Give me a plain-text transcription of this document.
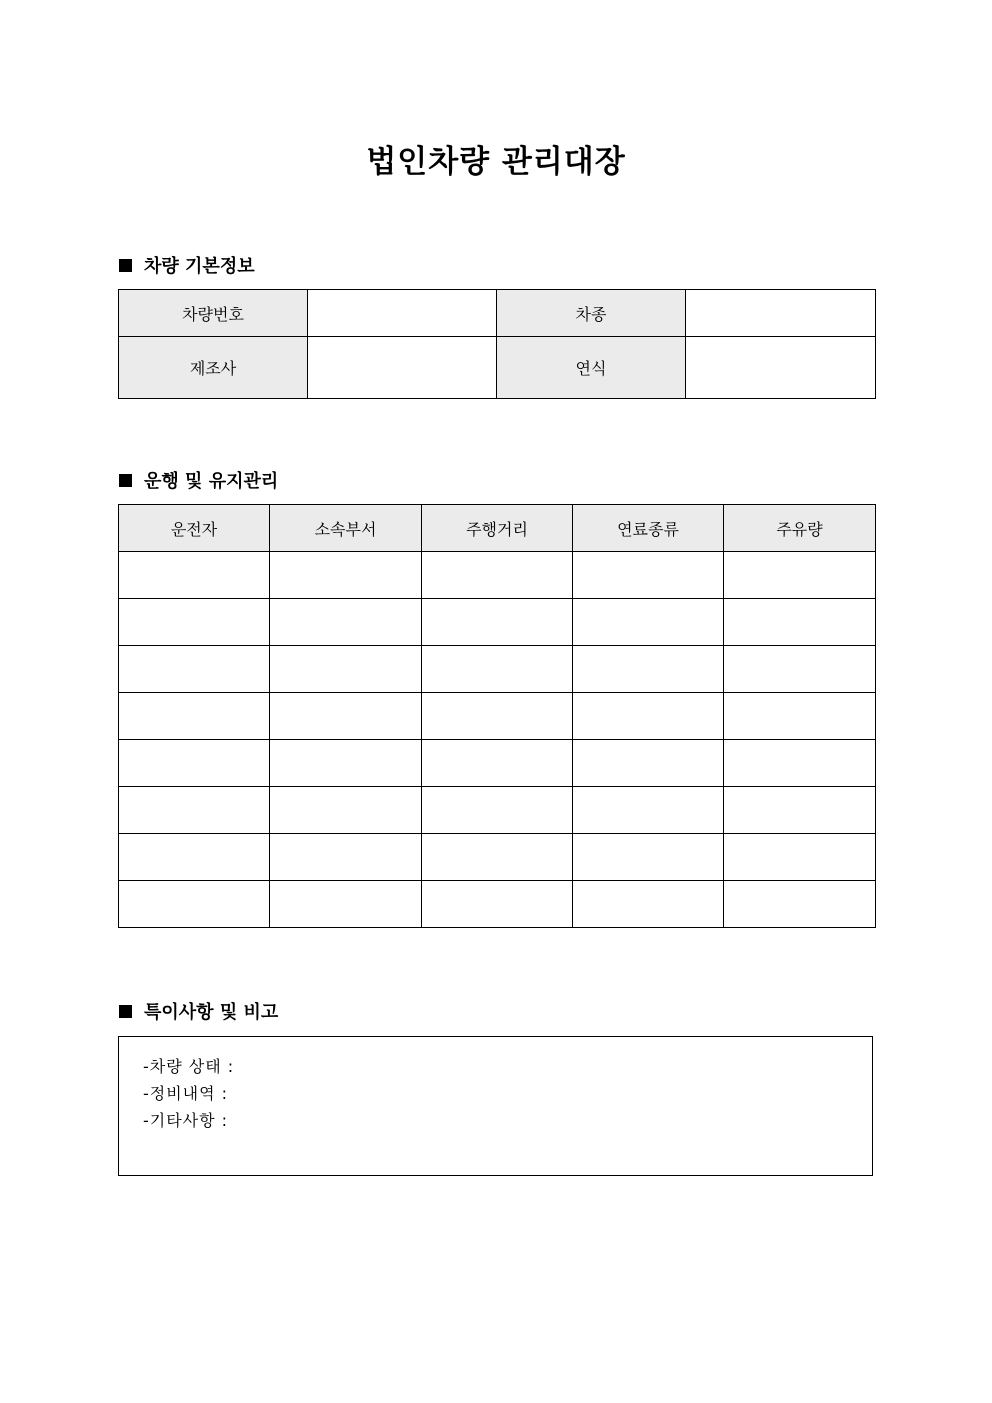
법인차량 관리대장
차량 기본정보
차량번호		차종	
제조사		연식	
운행 및 유지관리
운전자	소속부서	주행거리	연료종류	주유량

특이사항 및 비고
-차량 상태 :
-정비내역 :
-기타사항 :
